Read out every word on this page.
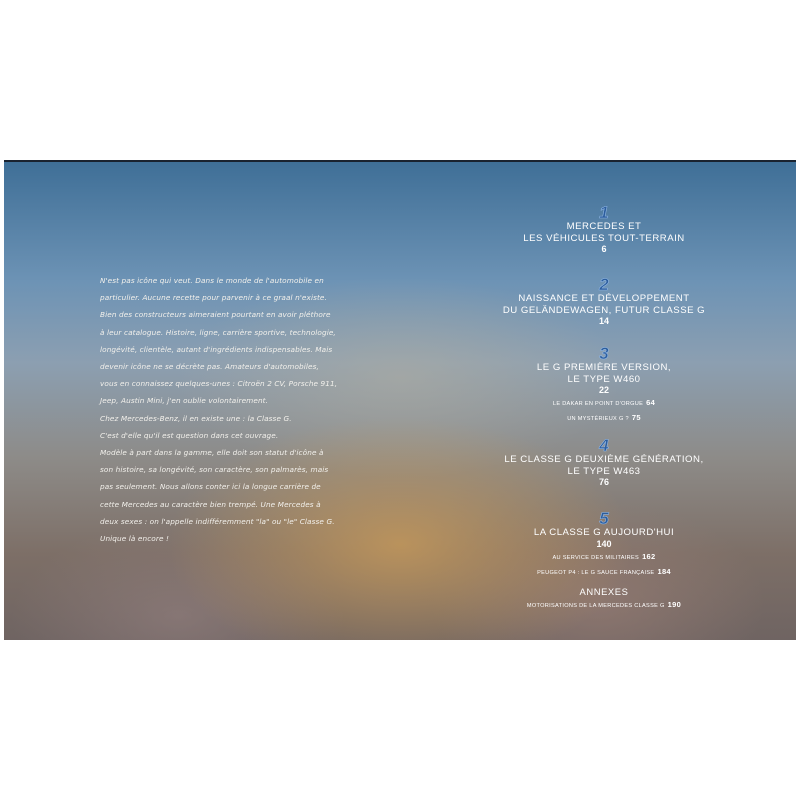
N'est pas icône qui veut. Dans le monde de l'automobile en

particulier. Aucune recette pour parvenir à ce graal n'existe.

Bien des constructeurs aimeraient pourtant en avoir pléthore

à leur catalogue. Histoire, ligne, carrière sportive, technologie,

longévité, clientèle, autant d'ingrédients indispensables. Mais

devenir icône ne se décrète pas. Amateurs d'automobiles,

vous en connaissez quelques-unes : Citroën 2 CV, Porsche 911,

Jeep, Austin Mini, j'en oublie volontairement.

Chez Mercedes-Benz, il en existe une : la Classe G.

C'est d'elle qu'il est question dans cet ouvrage.

Modèle à part dans la gamme, elle doit son statut d'icône à

son histoire, sa longévité, son caractère, son palmarès, mais

pas seulement. Nous allons conter ici la longue carrière de

cette Mercedes au caractère bien trempé. Une Mercedes à

deux sexes : on l'appelle indifféremment "la" ou "le" Classe G.

Unique là encore !

1
MERCEDES ET
LES VÉHICULES TOUT-TERRAIN
6
2
NAISSANCE ET DÉVELOPPEMENT
DU GELÄNDEWAGEN, FUTUR CLASSE G
14
3
LE G PREMIÈRE VERSION,
LE TYPE W460
22
LE DAKAR EN POINT D'ORGUE 64
UN MYSTÉRIEUX G ? 75
4
LE CLASSE G DEUXIÈME GÉNÉRATION,
LE TYPE W463
76
5
LA CLASSE G AUJOURD'HUI
140
AU SERVICE DES MILITAIRES 162
PEUGEOT P4 : LE G SAUCE FRANÇAISE 184
ANNEXES
MOTORISATIONS DE LA MERCEDES CLASSE G 190
